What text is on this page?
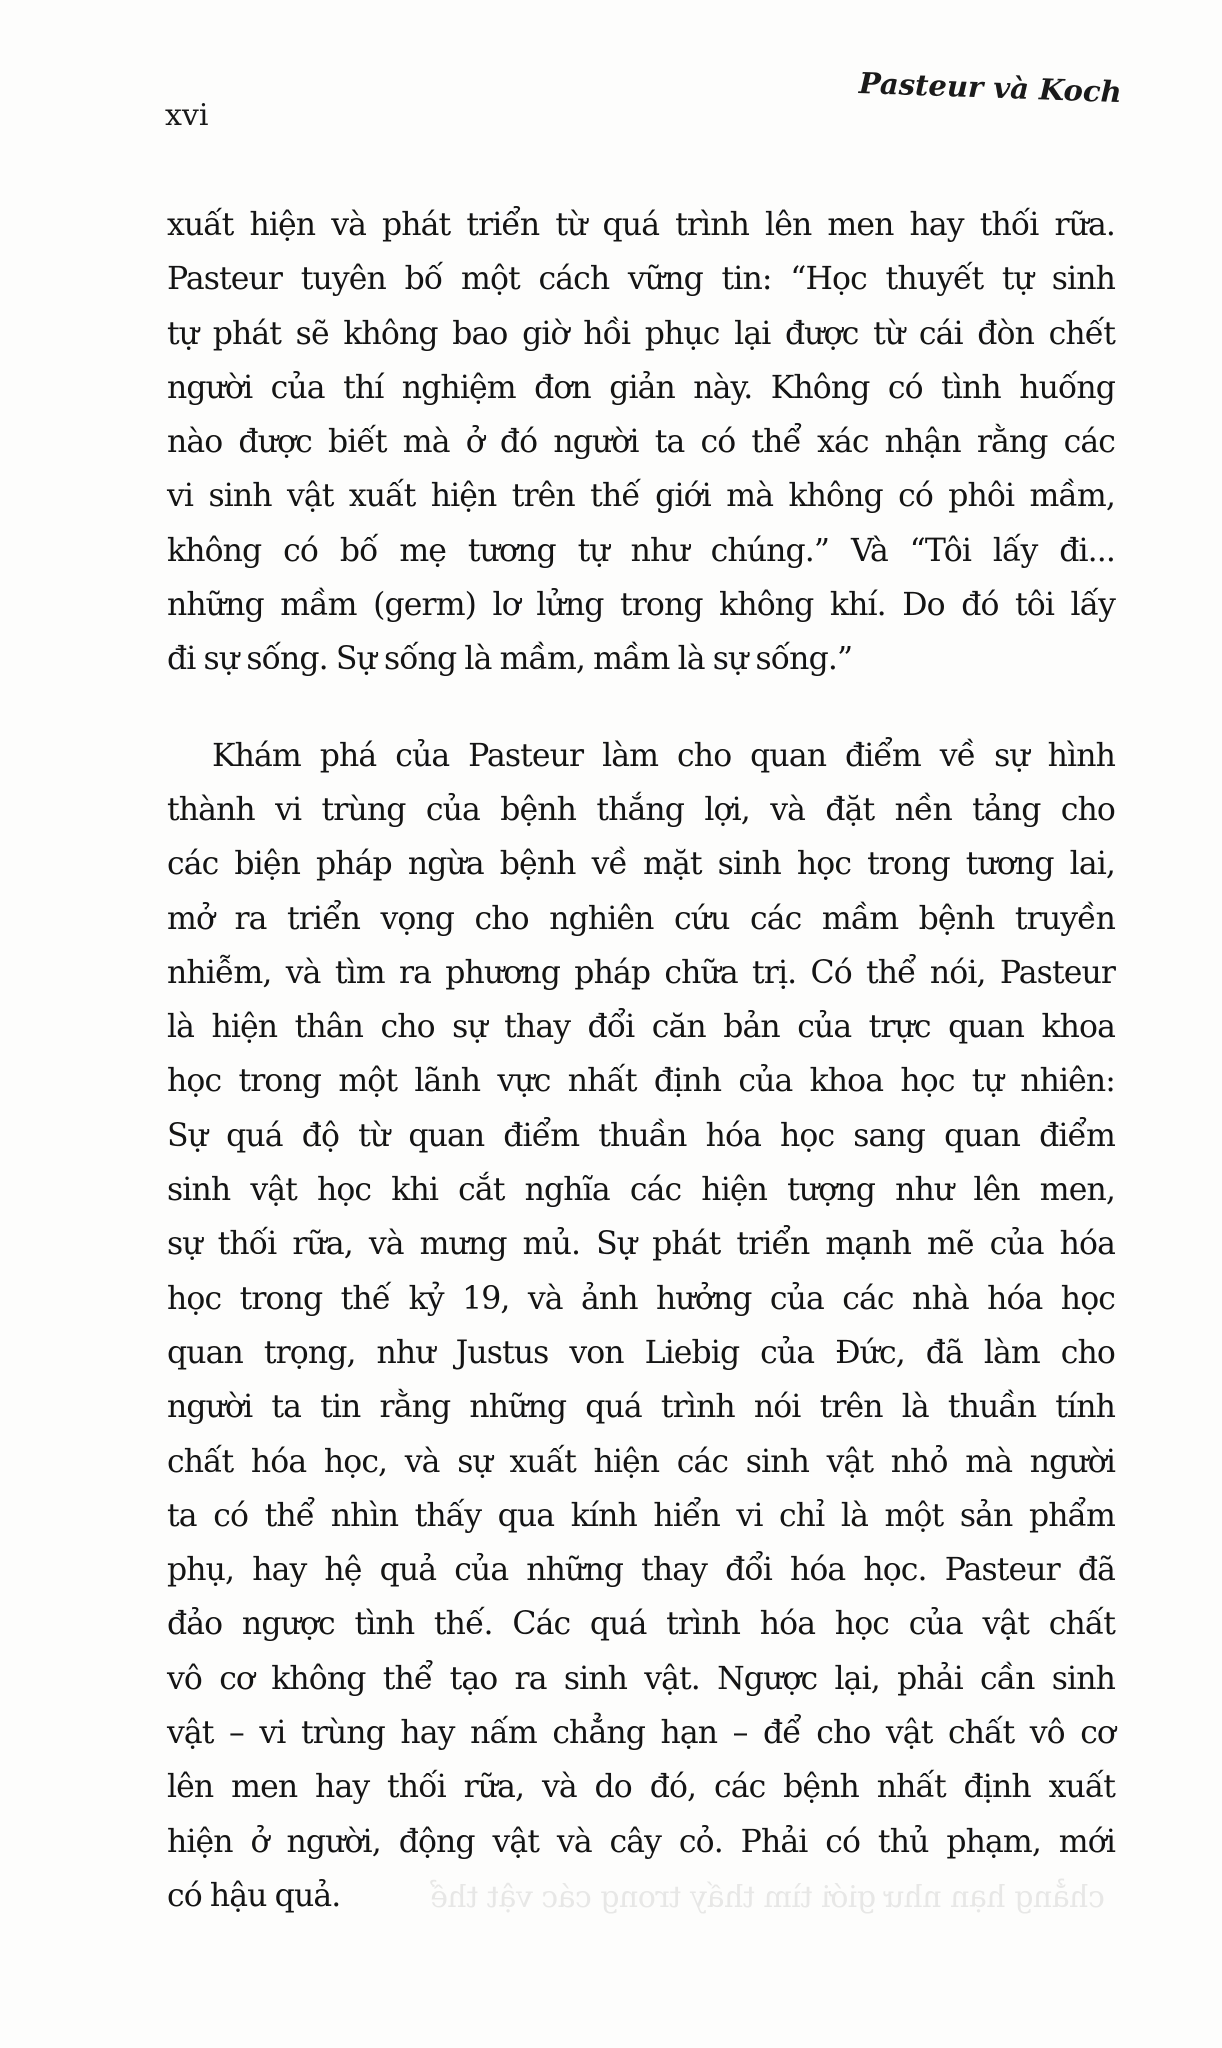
chẳng hạn như giới tìm thấy trong các vật thể
xvi
Pasteur và Koch
xuất hiện và phát triển từ quá trình lên men hay thối rữa.
Pasteur tuyên bố một cách vững tin: “Học thuyết tự sinh
tự phát sẽ không bao giờ hồi phục lại được từ cái đòn chết
người của thí nghiệm đơn giản này. Không có tình huống
nào được biết mà ở đó người ta có thể xác nhận rằng các
vi sinh vật xuất hiện trên thế giới mà không có phôi mầm,
không có bố mẹ tương tự như chúng.” Và “Tôi lấy đi...
những mầm (germ) lơ lửng trong không khí. Do đó tôi lấy
đi sự sống. Sự sống là mầm, mầm là sự sống.”
Khám phá của Pasteur làm cho quan điểm về sự hình
thành vi trùng của bệnh thắng lợi, và đặt nền tảng cho
các biện pháp ngừa bệnh về mặt sinh học trong tương lai,
mở ra triển vọng cho nghiên cứu các mầm bệnh truyền
nhiễm, và tìm ra phương pháp chữa trị. Có thể nói, Pasteur
là hiện thân cho sự thay đổi căn bản của trực quan khoa
học trong một lãnh vực nhất định của khoa học tự nhiên:
Sự quá độ từ quan điểm thuần hóa học sang quan điểm
sinh vật học khi cắt nghĩa các hiện tượng như lên men,
sự thối rữa, và mưng mủ. Sự phát triển mạnh mẽ của hóa
học trong thế kỷ 19, và ảnh hưởng của các nhà hóa học
quan trọng, như Justus von Liebig của Đức, đã làm cho
người ta tin rằng những quá trình nói trên là thuần tính
chất hóa học, và sự xuất hiện các sinh vật nhỏ mà người
ta có thể nhìn thấy qua kính hiển vi chỉ là một sản phẩm
phụ, hay hệ quả của những thay đổi hóa học. Pasteur đã
đảo ngược tình thế. Các quá trình hóa học của vật chất
vô cơ không thể tạo ra sinh vật. Ngược lại, phải cần sinh
vật – vi trùng hay nấm chẳng hạn – để cho vật chất vô cơ
lên men hay thối rữa, và do đó, các bệnh nhất định xuất
hiện ở người, động vật và cây cỏ. Phải có thủ phạm, mới
có hậu quả.
